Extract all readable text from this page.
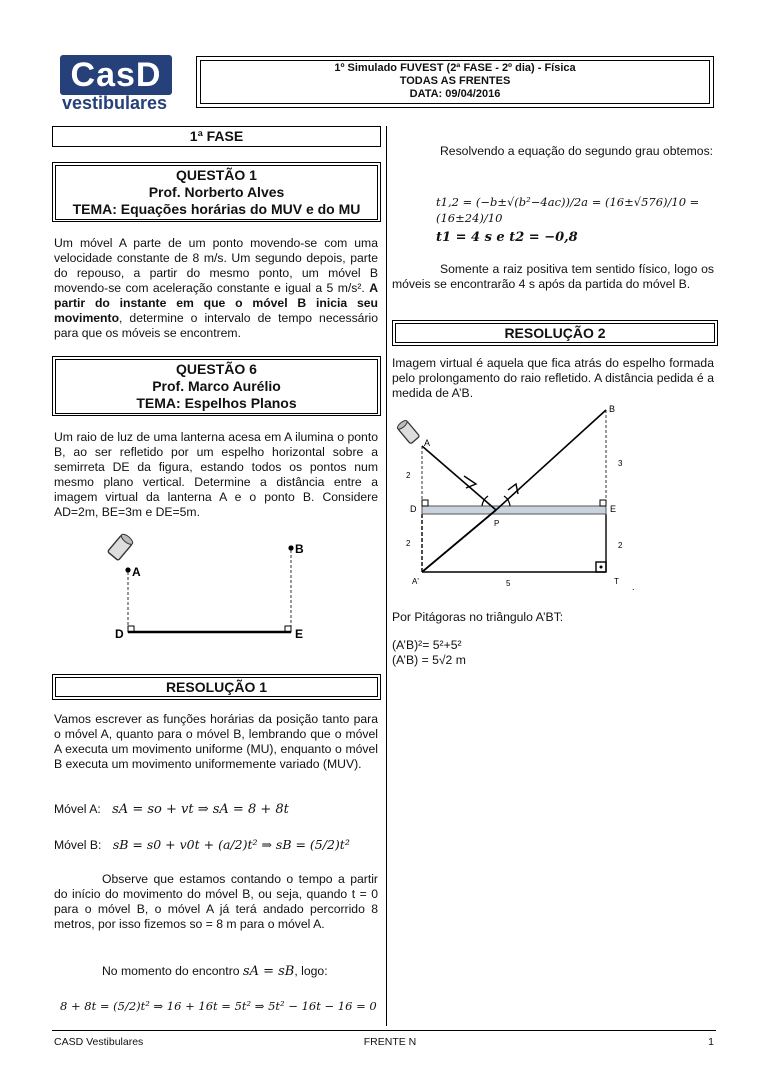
CasD
vestibulares
1º Simulado FUVEST (2ª FASE - 2º dia) - Física
TODAS AS FRENTES
DATA: 09/04/2016
1ª FASE
QUESTÃO 1
Prof. Norberto Alves
TEMA: Equações horárias do MUV e do MU
Um móvel A parte de um ponto movendo-se com uma velocidade constante de 8 m/s. Um segundo depois, parte do repouso, a partir do mesmo ponto, um móvel B movendo-se com aceleração constante e igual a 5 m/s². A partir do instante em que o móvel B inicia seu movimento, determine o intervalo de tempo necessário para que os móveis se encontrem.
QUESTÃO 6
Prof. Marco Aurélio
TEMA: Espelhos Planos
Um raio de luz de uma lanterna acesa em A ilumina o ponto B, ao ser refletido por um espelho horizontal sobre a semirreta DE da figura, estando todos os pontos num mesmo plano vertical. Determine a distância entre a imagem virtual da lanterna A e o ponto B. Considere AD=2m, BE=3m e DE=5m.
A
B
D	E
RESOLUÇÃO 1
Vamos escrever as funções horárias da posição tanto para o móvel A, quanto para o móvel B, lembrando que o móvel A executa um movimento uniforme (MU), enquanto o móvel B executa um movimento uniformemente variado (MUV).
Móvel A: sA = so + vt ⇒ sA = 8 + 8t
Móvel B: sB = s0 + v0t + (a/2)t² ⇒ sB = (5/2)t²
Observe que estamos contando o tempo a partir do início do movimento do móvel B, ou seja, quando t = 0 para o móvel B, o móvel A já terá andado percorrido 8 metros, por isso fizemos so = 8 m para o móvel A.
No momento do encontro sA = sB, logo:
8 + 8t = (5/2)t² ⇒ 16 + 16t = 5t² ⇒ 5t² − 16t − 16 = 0
Resolvendo a equação do segundo grau obtemos:
t1,2 = (−b±√(b²−4ac))/2a = (16±√576)/10 = (16±24)/10
t1 = 4 s e t2 = −0,8
Somente a raiz positiva tem sentido físico, logo os móveis se encontrarão 4 s após da partida do móvel B.
RESOLUÇÃO 2
Imagem virtual é aquela que fica atrás do espelho formada pelo prolongamento do raio refletido. A distância pedida é a medida de A’B.
A
B
D	E
P
A'	T
2
2	2
3
5	.
Por Pitágoras no triângulo A’BT:
(A’B)²= 5²+5²
(A’B) = 5√2 m
CASD Vestibulares	FRENTE N	1
